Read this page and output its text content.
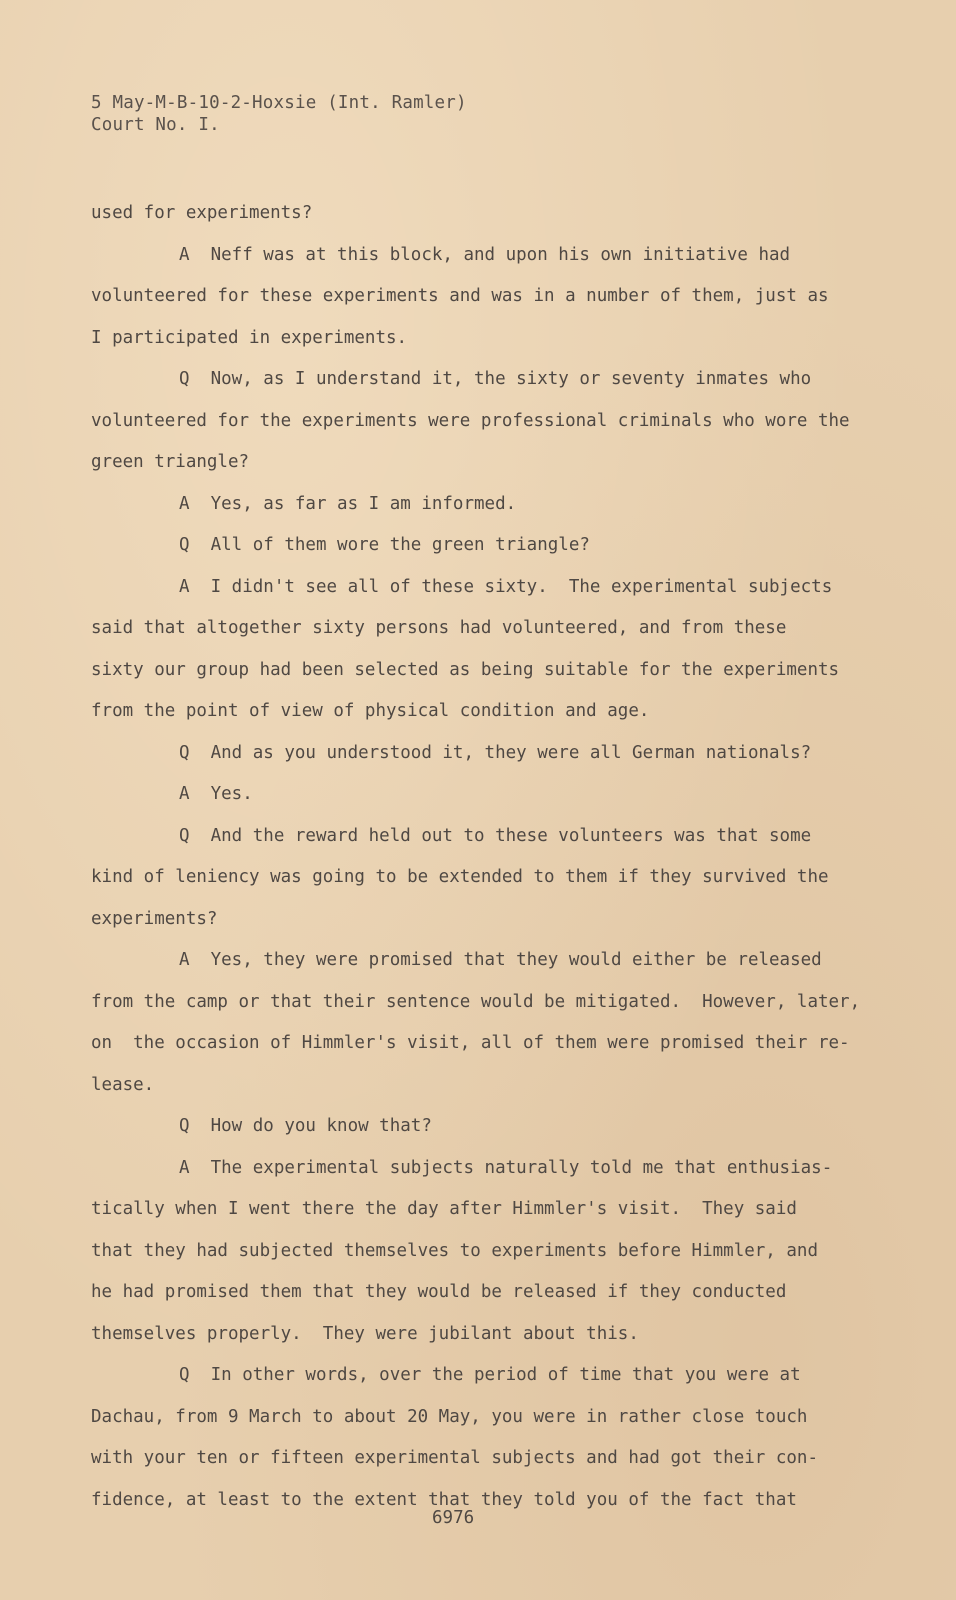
5 May-M-B-10-2-Hoxsie (Int. Ramler)
Court No. I.
used for experiments?
A  Neff was at this block, and upon his own initiative had
volunteered for these experiments and was in a number of them, just as
I participated in experiments.
Q  Now, as I understand it, the sixty or seventy inmates who
volunteered for the experiments were professional criminals who wore the
green triangle?
A  Yes, as far as I am informed.
Q  All of them wore the green triangle?
A  I didn't see all of these sixty.  The experimental subjects
said that altogether sixty persons had volunteered, and from these
sixty our group had been selected as being suitable for the experiments
from the point of view of physical condition and age.
Q  And as you understood it, they were all German nationals?
A  Yes.
Q  And the reward held out to these volunteers was that some
kind of leniency was going to be extended to them if they survived the
experiments?
A  Yes, they were promised that they would either be released
from the camp or that their sentence would be mitigated.  However, later,
on  the occasion of Himmler's visit, all of them were promised their re-
lease.
Q  How do you know that?
A  The experimental subjects naturally told me that enthusias-
tically when I went there the day after Himmler's visit.  They said
that they had subjected themselves to experiments before Himmler, and
he had promised them that they would be released if they conducted
themselves properly.  They were jubilant about this.
Q  In other words, over the period of time that you were at
Dachau, from 9 March to about 20 May, you were in rather close touch
with your ten or fifteen experimental subjects and had got their con-
fidence, at least to the extent that they told you of the fact that
6976
